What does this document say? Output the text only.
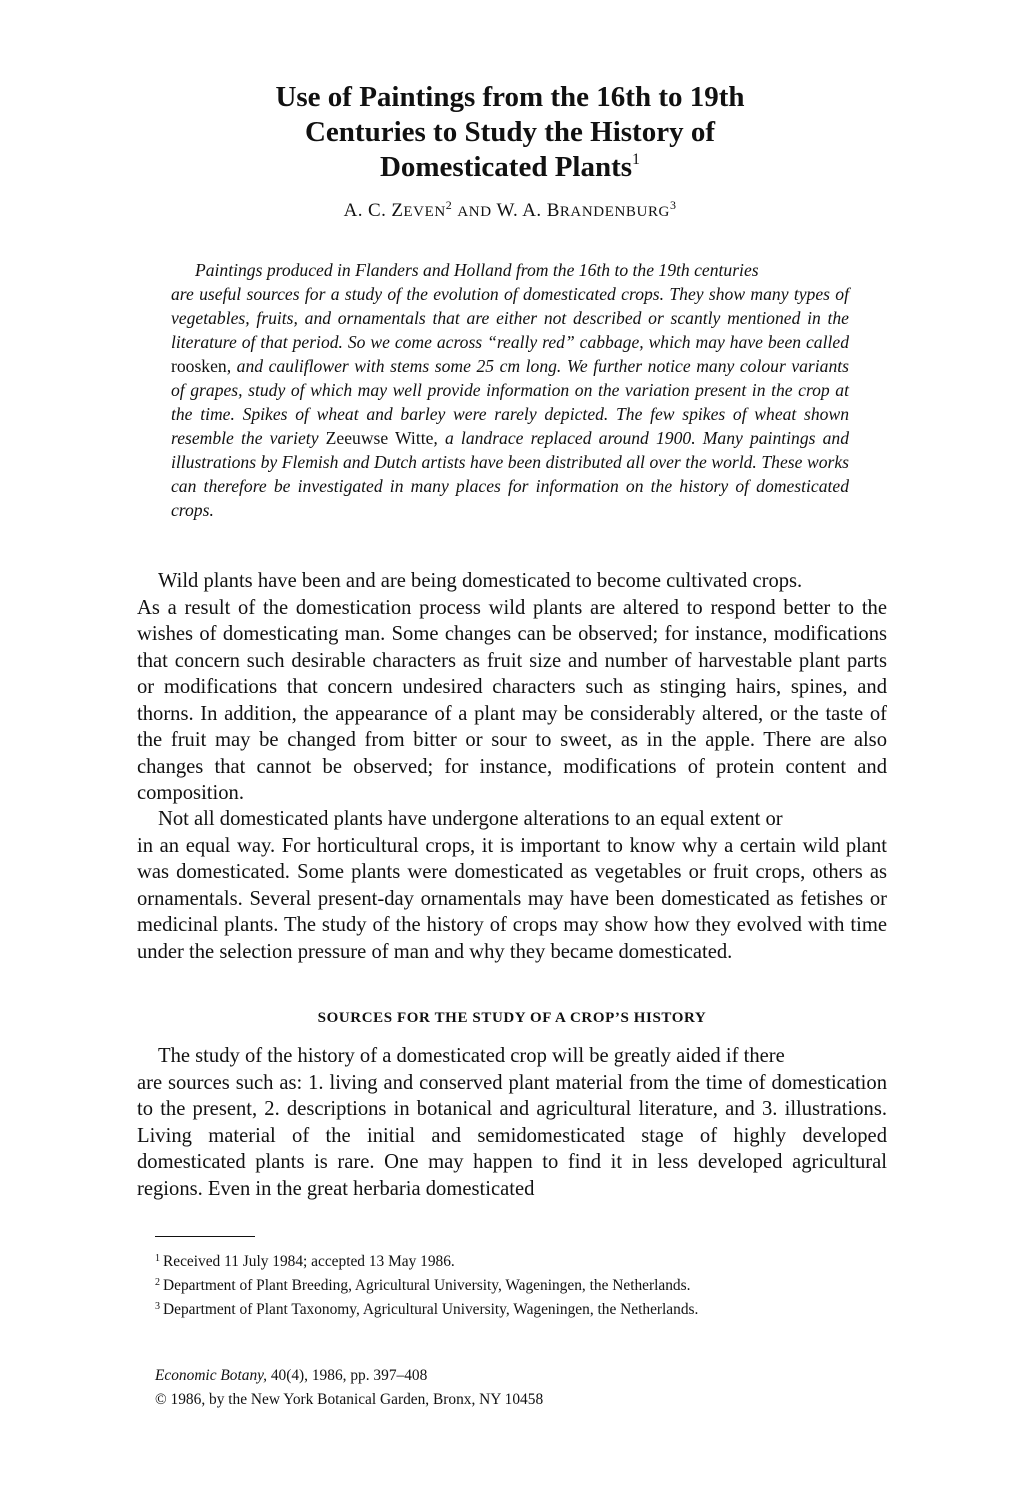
Use of Paintings from the 16th to 19th
Centuries to Study the History of
Domesticated Plants$^1$

A. C. ZEVEN$^2$ AND W. A. BRANDENBURG$^3$

Paintings produced in Flanders and Holland from the 16th to the 19th centuries
are useful sources for a study of the evolution of domesticated crops. They show many types of vegetables, fruits, and ornamentals that are either not described or scantly mentioned in the literature of that period. So we come across “really red” cabbage, which may have been called roosken, and cauliflower with stems some 25 cm long. We further notice many colour variants of grapes, study of which may well provide information on the variation present in the crop at the time. Spikes of wheat and barley were rarely depicted. The few spikes of wheat shown resemble the variety Zeeuwse Witte, a landrace replaced around 1900. Many paintings and illustrations by Flemish and Dutch artists have been distributed all over the world. These works can therefore be investigated in many places for information on the history of domesticated crops.

Wild plants have been and are being domesticated to become cultivated crops.
As a result of the domestication process wild plants are altered to respond better to the wishes of domesticating man. Some changes can be observed; for instance, modifications that concern such desirable characters as fruit size and number of harvestable plant parts or modifications that concern undesired characters such as stinging hairs, spines, and thorns. In addition, the appearance of a plant may be considerably altered, or the taste of the fruit may be changed from bitter or sour to sweet, as in the apple. There are also changes that cannot be observed; for instance, modifications of protein content and composition.

Not all domesticated plants have undergone alterations to an equal extent or
in an equal way. For horticultural crops, it is important to know why a certain wild plant was domesticated. Some plants were domesticated as vegetables or fruit crops, others as ornamentals. Several present-day ornamentals may have been domesticated as fetishes or medicinal plants. The study of the history of crops may show how they evolved with time under the selection pressure of man and why they became domesticated.

SOURCES FOR THE STUDY OF A CROP’S HISTORY

The study of the history of a domesticated crop will be greatly aided if there
are sources such as: 1. living and conserved plant material from the time of domestication to the present, 2. descriptions in botanical and agricultural literature, and 3. illustrations. Living material of the initial and semidomesticated stage of highly developed domesticated plants is rare. One may happen to find it in less developed agricultural regions. Even in the great herbaria domesticated

$^1$ Received 11 July 1984; accepted 13 May 1986.
$^2$ Department of Plant Breeding, Agricultural University, Wageningen, the Netherlands.
$^3$ Department of Plant Taxonomy, Agricultural University, Wageningen, the Netherlands.
Economic Botany, 40(4), 1986, pp. 397–408
© 1986, by the New York Botanical Garden, Bronx, NY 10458
